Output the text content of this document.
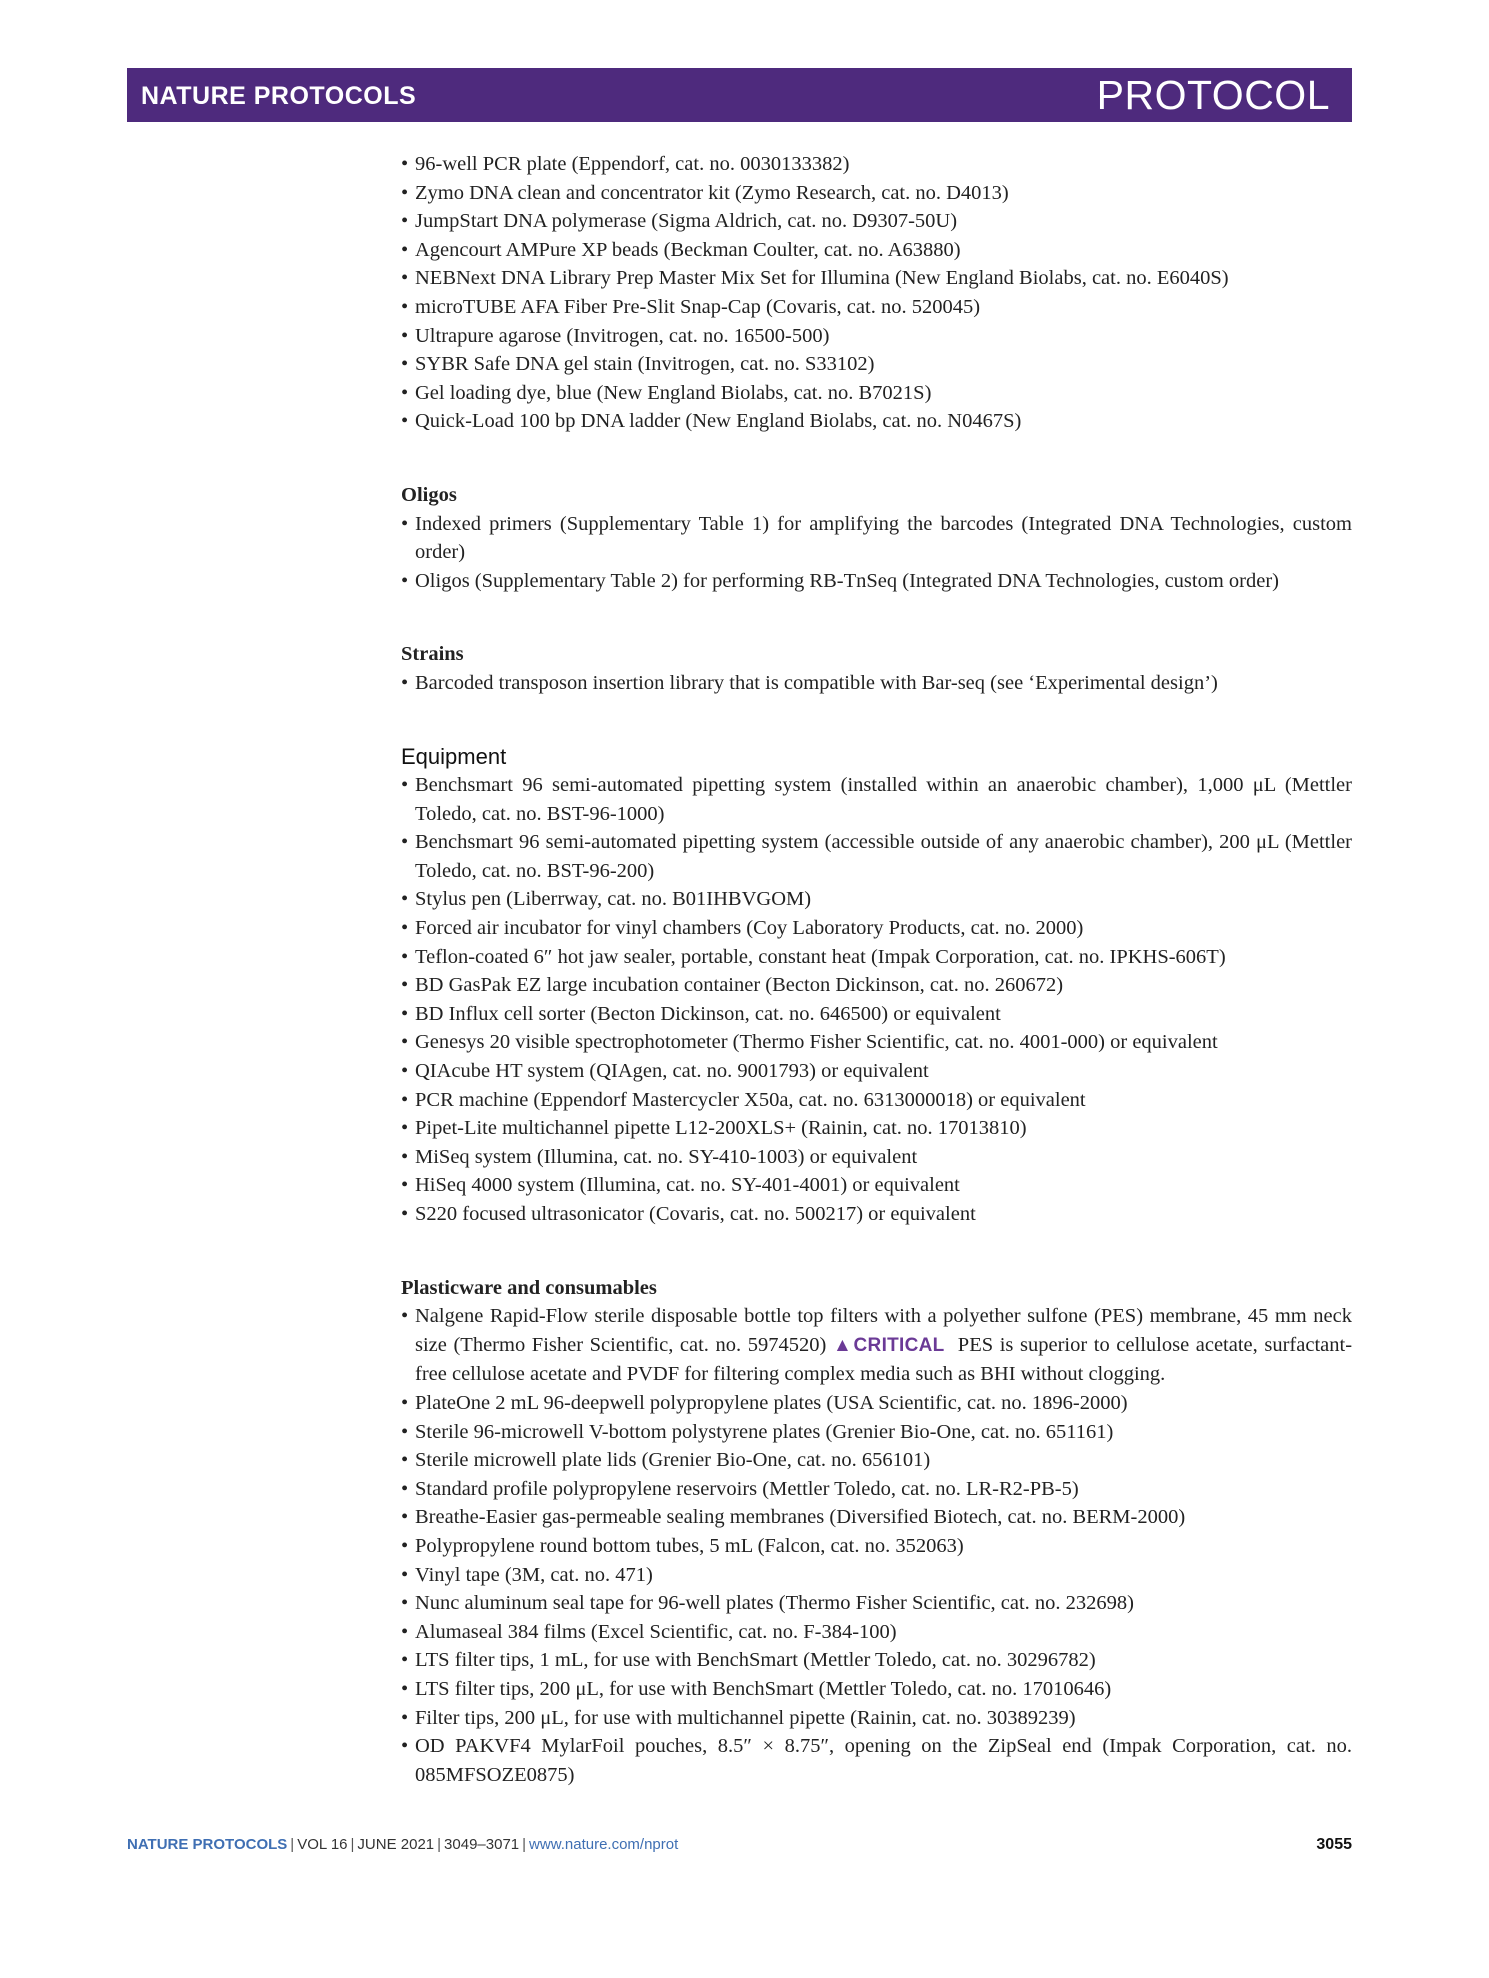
NATURE PROTOCOLS	PROTOCOL
• 96-well PCR plate (Eppendorf, cat. no. 0030133382)
• Zymo DNA clean and concentrator kit (Zymo Research, cat. no. D4013)
• JumpStart DNA polymerase (Sigma Aldrich, cat. no. D9307-50U)
• Agencourt AMPure XP beads (Beckman Coulter, cat. no. A63880)
• NEBNext DNA Library Prep Master Mix Set for Illumina (New England Biolabs, cat. no. E6040S)
• microTUBE AFA Fiber Pre-Slit Snap-Cap (Covaris, cat. no. 520045)
• Ultrapure agarose (Invitrogen, cat. no. 16500-500)
• SYBR Safe DNA gel stain (Invitrogen, cat. no. S33102)
• Gel loading dye, blue (New England Biolabs, cat. no. B7021S)
• Quick-Load 100 bp DNA ladder (New England Biolabs, cat. no. N0467S)
Oligos
• Indexed primers (Supplementary Table 1) for amplifying the barcodes (Integrated DNA Technologies, custom order)
• Oligos (Supplementary Table 2) for performing RB-TnSeq (Integrated DNA Technologies, custom order)
Strains
• Barcoded transposon insertion library that is compatible with Bar-seq (see ‘Experimental design’)
Equipment
• Benchsmart 96 semi-automated pipetting system (installed within an anaerobic chamber), 1,000 μL (Mettler Toledo, cat. no. BST-96-1000)
• Benchsmart 96 semi-automated pipetting system (accessible outside of any anaerobic chamber), 200 μL (Mettler Toledo, cat. no. BST-96-200)
• Stylus pen (Liberrway, cat. no. B01IHBVGOM)
• Forced air incubator for vinyl chambers (Coy Laboratory Products, cat. no. 2000)
• Teflon-coated 6″ hot jaw sealer, portable, constant heat (Impak Corporation, cat. no. IPKHS-606T)
• BD GasPak EZ large incubation container (Becton Dickinson, cat. no. 260672)
• BD Influx cell sorter (Becton Dickinson, cat. no. 646500) or equivalent
• Genesys 20 visible spectrophotometer (Thermo Fisher Scientific, cat. no. 4001-000) or equivalent
• QIAcube HT system (QIAgen, cat. no. 9001793) or equivalent
• PCR machine (Eppendorf Mastercycler X50a, cat. no. 6313000018) or equivalent
• Pipet-Lite multichannel pipette L12-200XLS+ (Rainin, cat. no. 17013810)
• MiSeq system (Illumina, cat. no. SY-410-1003) or equivalent
• HiSeq 4000 system (Illumina, cat. no. SY-401-4001) or equivalent
• S220 focused ultrasonicator (Covaris, cat. no. 500217) or equivalent
Plasticware and consumables
• Nalgene Rapid-Flow sterile disposable bottle top filters with a polyether sulfone (PES) membrane, 45 mm neck size (Thermo Fisher Scientific, cat. no. 5974520) ▲CRITICAL PES is superior to cellulose acetate, surfactant-free cellulose acetate and PVDF for filtering complex media such as BHI without clogging.
• PlateOne 2 mL 96-deepwell polypropylene plates (USA Scientific, cat. no. 1896-2000)
• Sterile 96-microwell V-bottom polystyrene plates (Grenier Bio-One, cat. no. 651161)
• Sterile microwell plate lids (Grenier Bio-One, cat. no. 656101)
• Standard profile polypropylene reservoirs (Mettler Toledo, cat. no. LR-R2-PB-5)
• Breathe-Easier gas-permeable sealing membranes (Diversified Biotech, cat. no. BERM-2000)
• Polypropylene round bottom tubes, 5 mL (Falcon, cat. no. 352063)
• Vinyl tape (3M, cat. no. 471)
• Nunc aluminum seal tape for 96-well plates (Thermo Fisher Scientific, cat. no. 232698)
• Alumaseal 384 films (Excel Scientific, cat. no. F-384-100)
• LTS filter tips, 1 mL, for use with BenchSmart (Mettler Toledo, cat. no. 30296782)
• LTS filter tips, 200 μL, for use with BenchSmart (Mettler Toledo, cat. no. 17010646)
• Filter tips, 200 μL, for use with multichannel pipette (Rainin, cat. no. 30389239)
• OD PAKVF4 MylarFoil pouches, 8.5″ × 8.75″, opening on the ZipSeal end (Impak Corporation, cat. no. 085MFSOZE0875)
NATURE PROTOCOLS | VOL 16 | JUNE 2021 | 3049–3071 | www.nature.com/nprot	3055
